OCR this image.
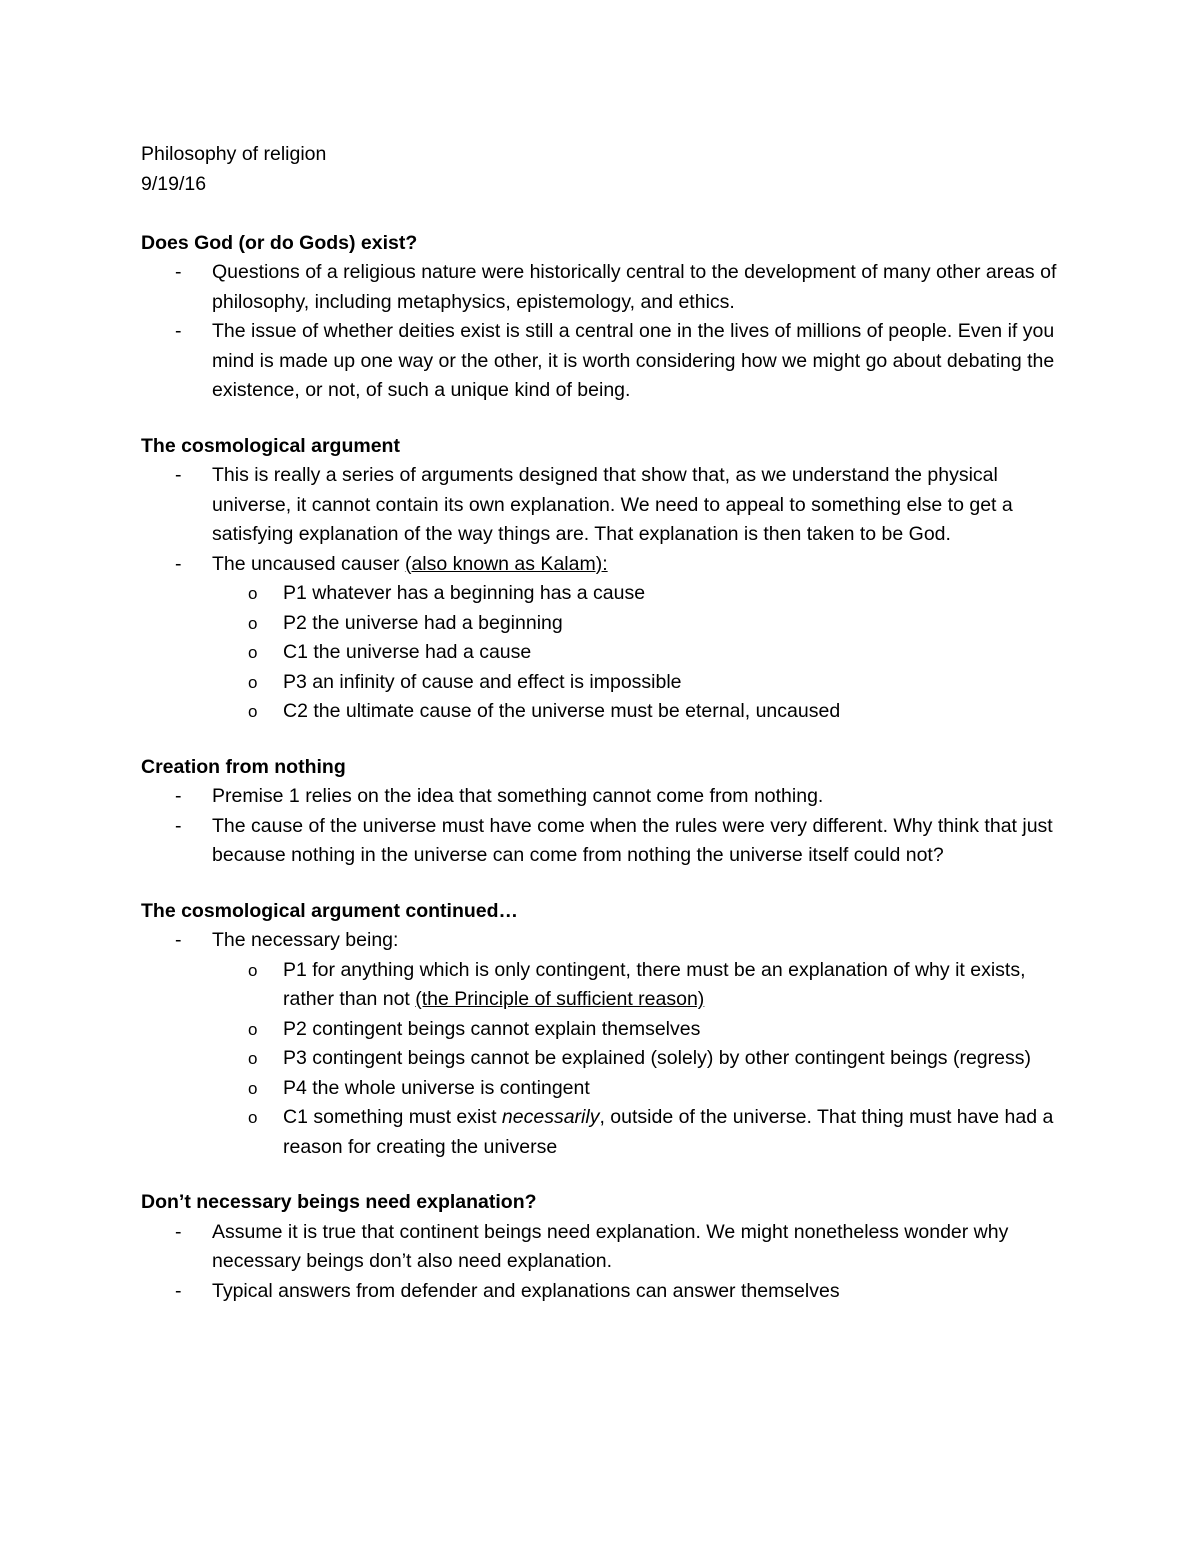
Philosophy of religion

9/19/16

Does God (or do Gods) exist?

- Questions of a religious nature were historically central to the development of many other areas of philosophy, including metaphysics, epistemology, and ethics.

- The issue of whether deities exist is still a central one in the lives of millions of people. Even if you mind is made up one way or the other, it is worth considering how we might go about debating the existence, or not, of such a unique kind of being.

The cosmological argument

- This is really a series of arguments designed that show that, as we understand the physical universe, it cannot contain its own explanation. We need to appeal to something else to get a satisfying explanation of the way things are. That explanation is then taken to be God.

- The uncaused causer (also known as Kalam):

o P1 whatever has a beginning has a cause

o P2 the universe had a beginning

o C1 the universe had a cause

o P3 an infinity of cause and effect is impossible

o C2 the ultimate cause of the universe must be eternal, uncaused

Creation from nothing

- Premise 1 relies on the idea that something cannot come from nothing.

- The cause of the universe must have come when the rules were very different. Why think that just because nothing in the universe can come from nothing the universe itself could not?

The cosmological argument continued…

- The necessary being:

o P1 for anything which is only contingent, there must be an explanation of why it exists, rather than not (the Principle of sufficient reason)

o P2 contingent beings cannot explain themselves

o P3 contingent beings cannot be explained (solely) by other contingent beings (regress)

o P4 the whole universe is contingent

o C1 something must exist necessarily, outside of the universe. That thing must have had a reason for creating the universe

Don’t necessary beings need explanation?

- Assume it is true that continent beings need explanation. We might nonetheless wonder why necessary beings don’t also need explanation.

- Typical answers from defender and explanations can answer themselves
